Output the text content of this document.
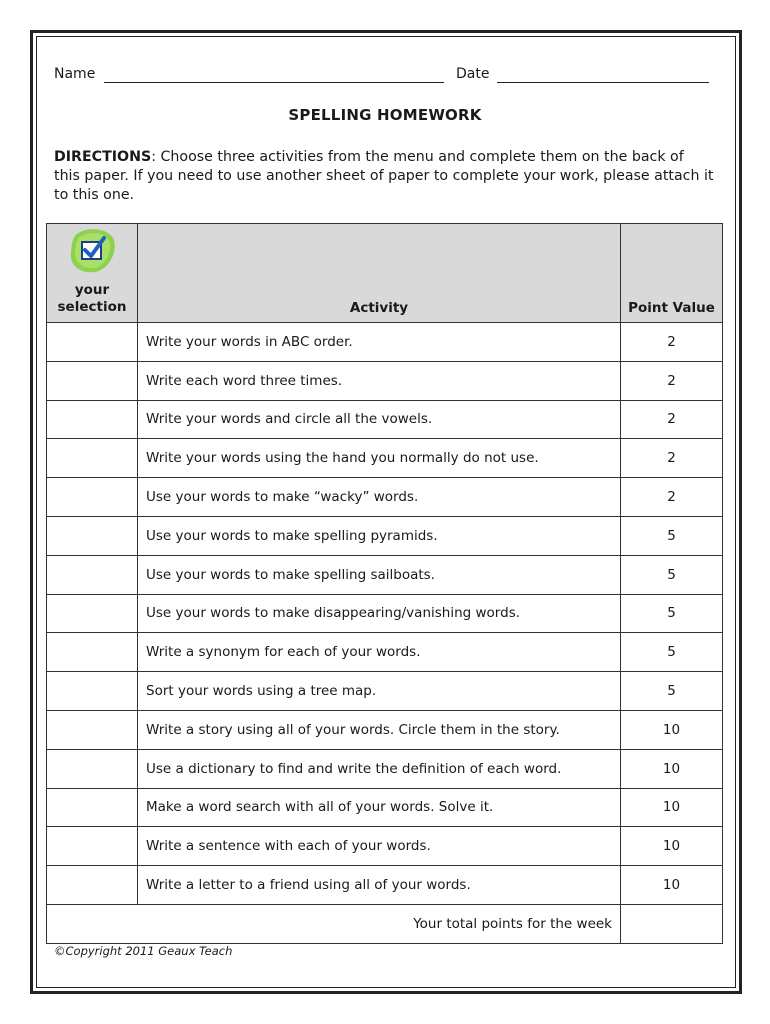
Name	Date
SPELLING HOMEWORK
DIRECTIONS: Choose three activities from the menu and complete them on the back of this paper. If you need to use another sheet of paper to complete your work, please attach it to this one.
your
selection	Activity	Point Value
	Write your words in ABC order.	2
	Write each word three times.	2
	Write your words and circle all the vowels.	2
	Write your words using the hand you normally do not use.	2
	Use your words to make “wacky” words.	2
	Use your words to make spelling pyramids.	5
	Use your words to make spelling sailboats.	5
	Use your words to make disappearing/vanishing words.	5
	Write a synonym for each of your words.	5
	Sort your words using a tree map.	5
	Write a story using all of your words. Circle them in the story.	10
	Use a dictionary to find and write the definition of each word.	10
	Make a word search with all of your words. Solve it.	10
	Write a sentence with each of your words.	10
	Write a letter to a friend using all of your words.	10
Your total points for the week		
©Copyright 2011 Geaux Teach
